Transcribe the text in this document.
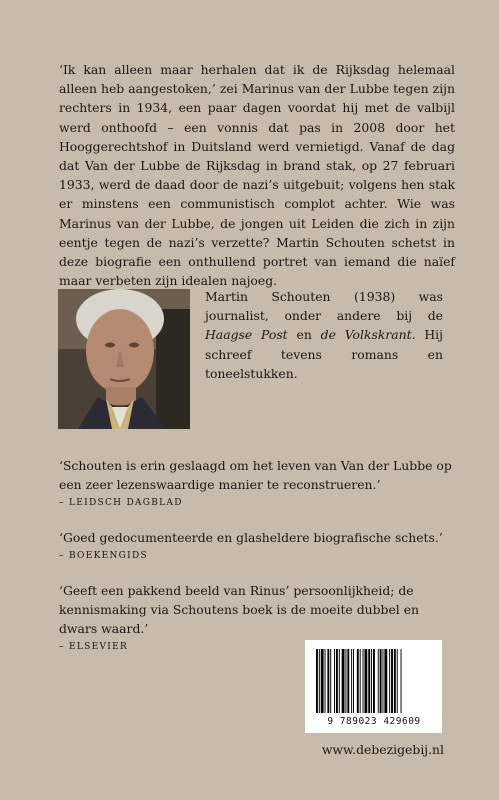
‘Ik kan alleen maar herhalen dat ik de Rijksdag helemaal alleen heb aangestoken,’ zei Marinus van der Lubbe tegen zijn rechters in 1934, een paar dagen voordat hij met de valbijl werd onthoofd – een vonnis dat pas in 2008 door het Hooggerechtshof in Duitsland werd vernietigd. Vanaf de dag dat Van der Lubbe de Rijksdag in brand stak, op 27 februari 1933, werd de daad door de nazi’s uitgebuit; volgens hen stak er minstens een communistisch complot achter. Wie was Marinus van der Lubbe, de jongen uit Leiden die zich in zijn eentje tegen de nazi’s verzette? Martin Schouten schetst in deze biografie een onthullend portret van iemand die naïef maar verbeten zijn idealen najoeg.

Martin Schouten (1938) was journalist, onder andere bij de Haagse Post en de Volkskrant. Hij schreef tevens romans en toneelstukken.

‘Schouten is erin geslaagd om het leven van Van der Lubbe op een zeer lezenswaardige manier te reconstrueren.’

– LEIDSCH DAGBLAD

‘Goed gedocumenteerde en glasheldere biografische schets.’

– BOEKENGIDS

‘Geeft een pakkend beeld van Rinus’ persoonlijkheid; de kennismaking via Schoutens boek is de moeite dubbel en dwars waard.’

– ELSEVIER

9 789023 429609
www.debezigebij.nl
